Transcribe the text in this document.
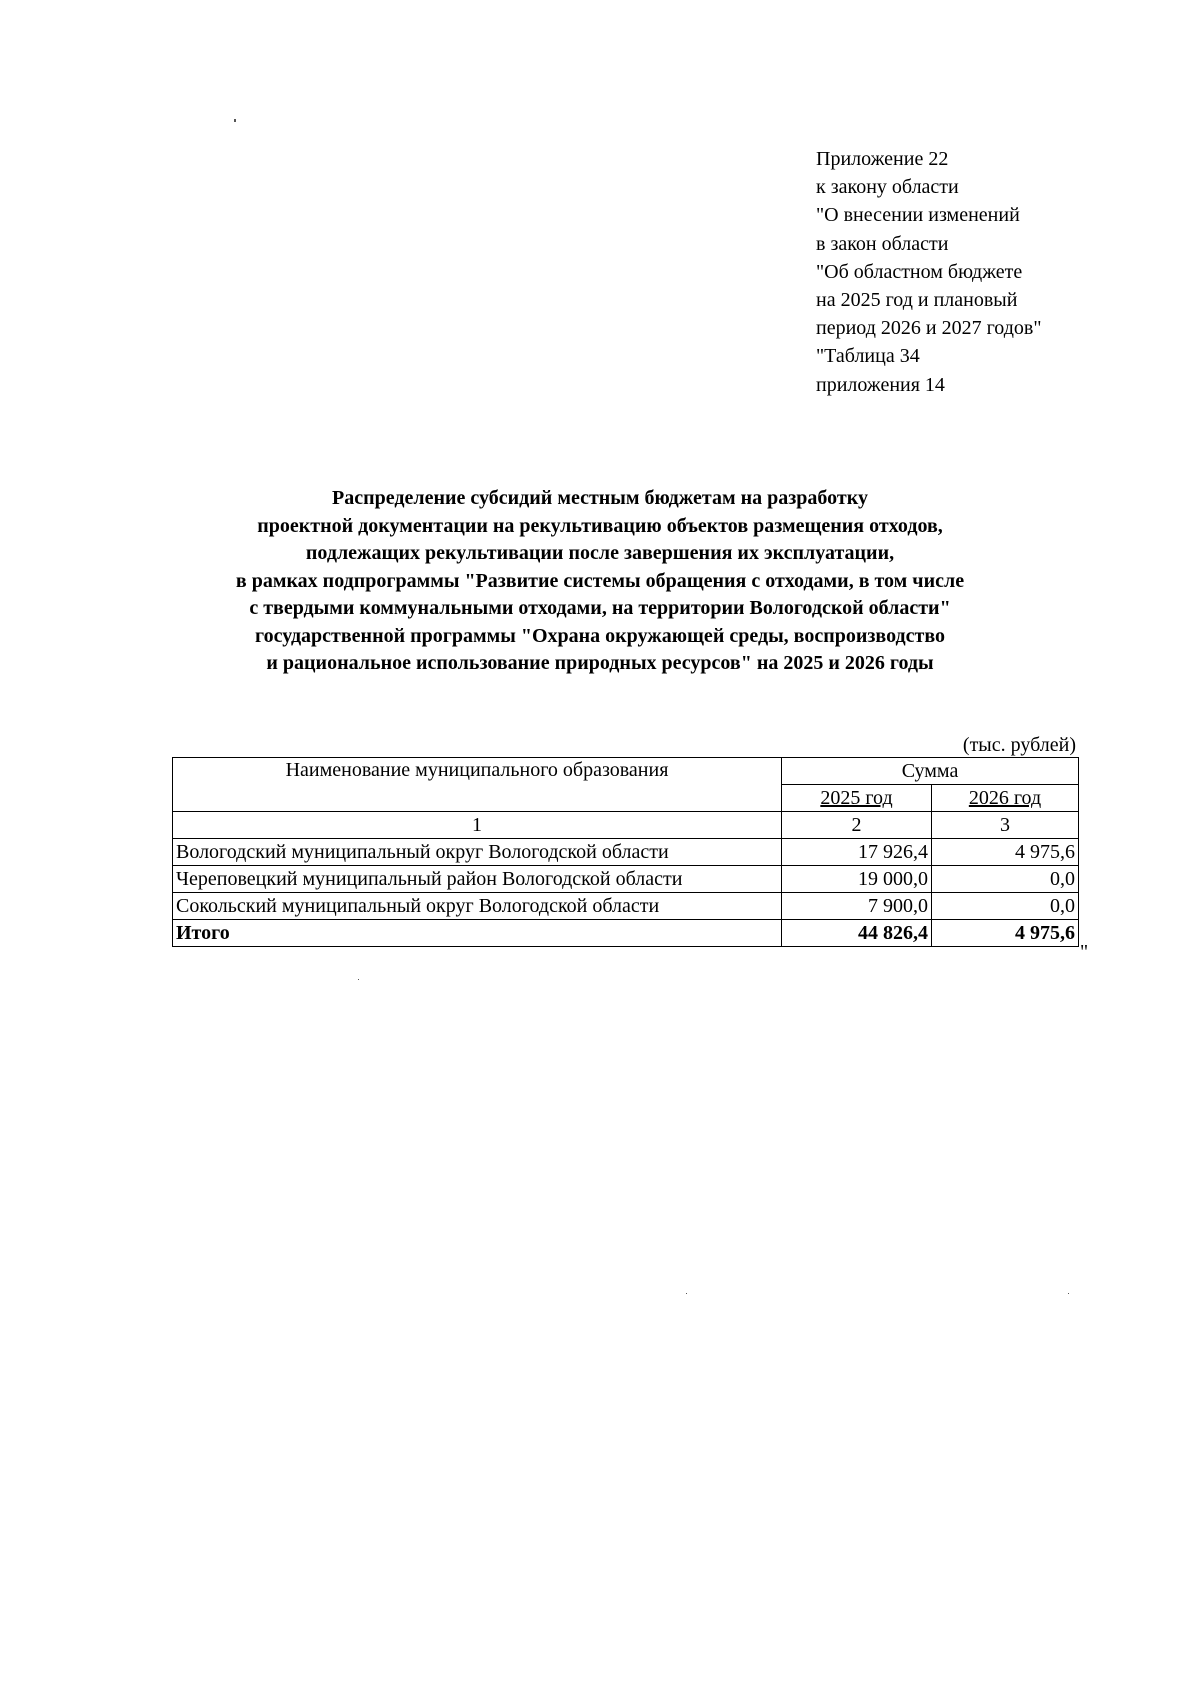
Приложение 22
к закону области
"О внесении изменений
в закон области
"Об областном бюджете
на 2025 год и плановый
период 2026 и 2027 годов"
"Таблица 34
приложения 14
Распределение субсидий местным бюджетам на разработку
проектной документации на рекультивацию объектов размещения отходов,
подлежащих рекультивации после завершения их эксплуатации,
в рамках подпрограммы "Развитие системы обращения с отходами, в том числе
с твердыми коммунальными отходами, на территории Вологодской области"
государственной программы "Охрана окружающей среды, воспроизводство
и рациональное использование природных ресурсов" на 2025 и 2026 годы
(тыс. рублей)
Наименование муниципального образования	Сумма	
	2025 год	2026 год
1	2	3
Вологодский муниципальный округ Вологодской области	17 926,4	4 975,6
Череповецкий муниципальный район Вологодской области	19 000,0	0,0
Сокольский муниципальный округ Вологодской области	7 900,0	0,0
Итого	44 826,4	4 975,6
"
